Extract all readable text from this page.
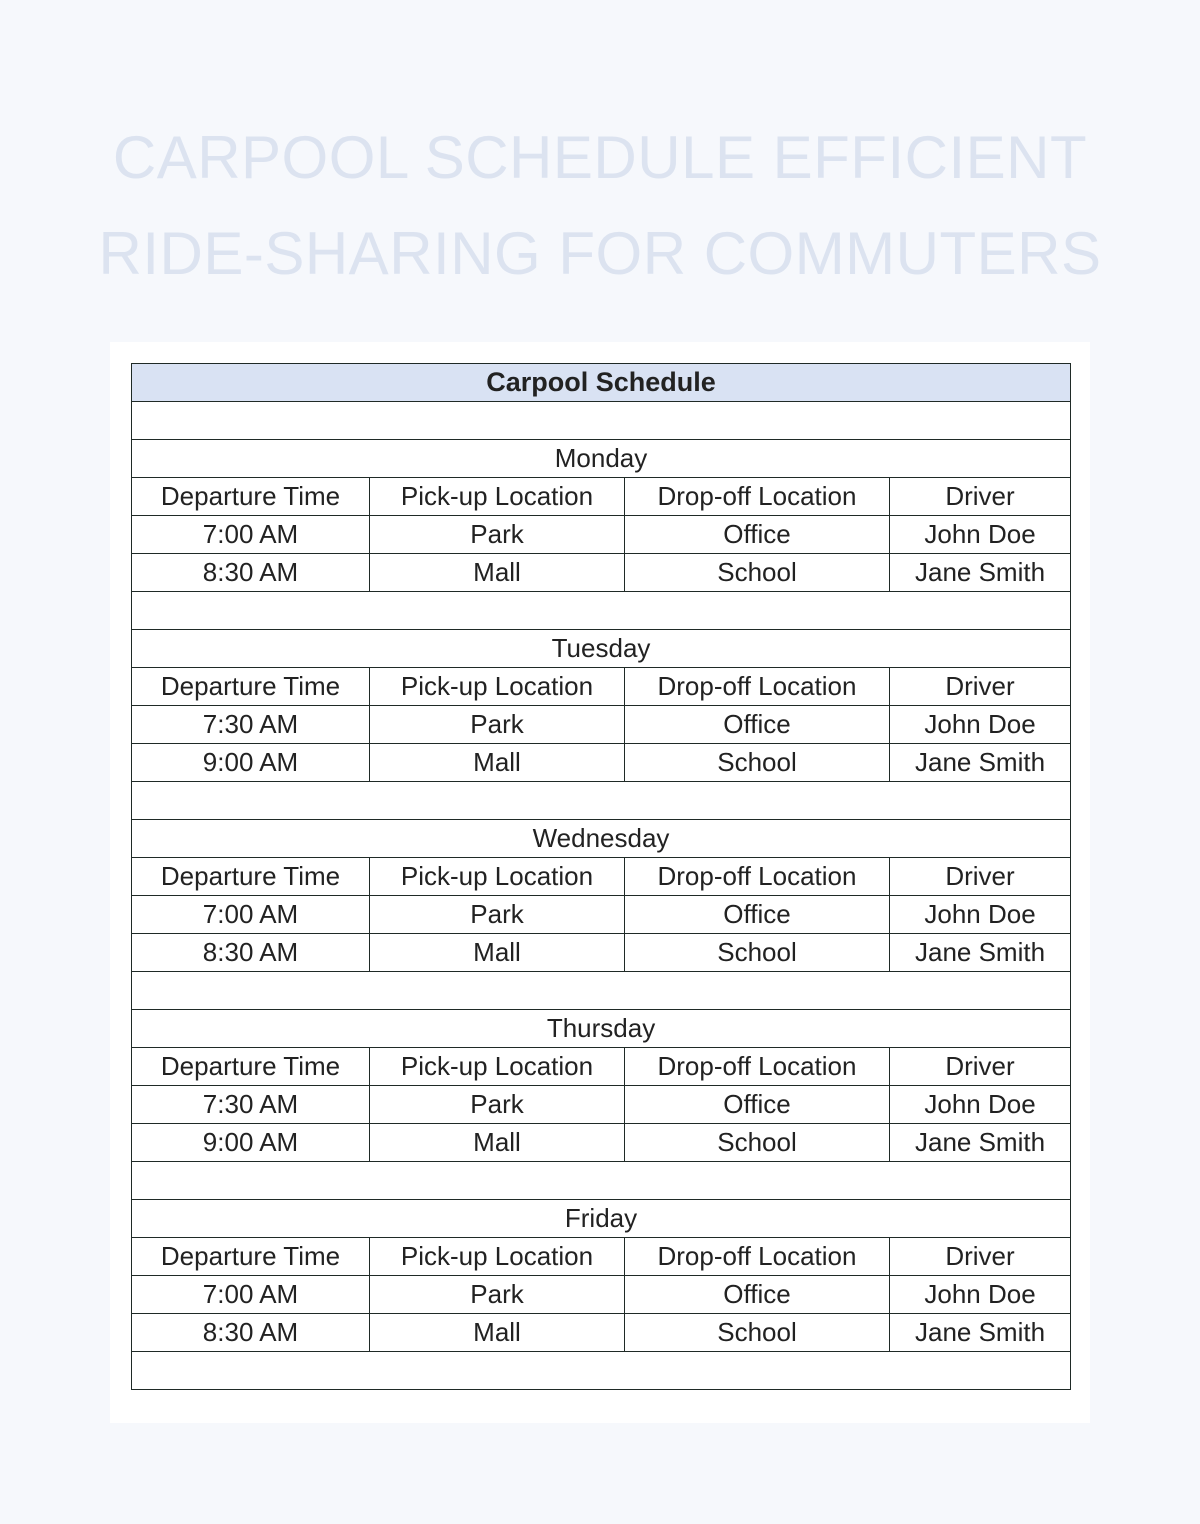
CARPOOL SCHEDULE EFFICIENT
RIDE-SHARING FOR COMMUTERS
Carpool Schedule			

Monday			
Departure Time	Pick-up Location	Drop-off Location	Driver
7:00 AM	Park	Office	John Doe
8:30 AM	Mall	School	Jane Smith

Tuesday			
Departure Time	Pick-up Location	Drop-off Location	Driver
7:30 AM	Park	Office	John Doe
9:00 AM	Mall	School	Jane Smith

Wednesday			
Departure Time	Pick-up Location	Drop-off Location	Driver
7:00 AM	Park	Office	John Doe
8:30 AM	Mall	School	Jane Smith

Thursday			
Departure Time	Pick-up Location	Drop-off Location	Driver
7:30 AM	Park	Office	John Doe
9:00 AM	Mall	School	Jane Smith

Friday			
Departure Time	Pick-up Location	Drop-off Location	Driver
7:00 AM	Park	Office	John Doe
8:30 AM	Mall	School	Jane Smith
